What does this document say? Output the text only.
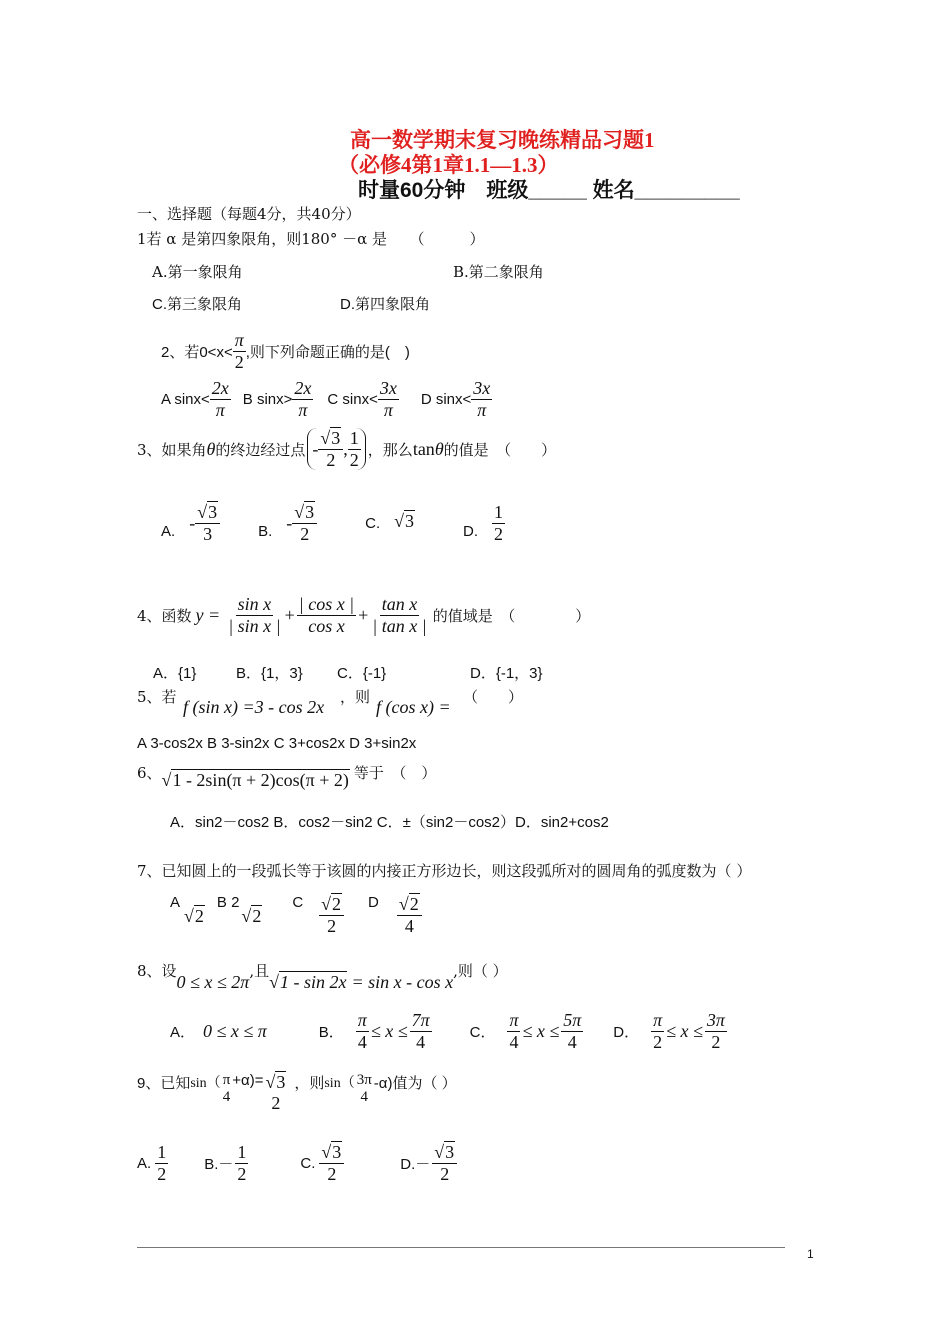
高一数学期末复习晚练精品习题1
（必修4第1章1.1—1.3）
时量60分钟　班级_____ 姓名_________
一、选择题（每题4分，共40分）
1若 α 是第四象限角，则180° －α 是　　（　　　）
A.第一象限角	B.第二象限角
C.第三象限角	D.第四象限角
2、若$0<x< \frac{\pi}{2}$ ,则下列命题正确的是(　)
A $\sin x< \frac{2x}{\pi}$ B $\sin x> \frac{2x}{\pi}$ C $\sin x< \frac{3x}{\pi}$ D $\sin x< \frac{3x}{\pi}$
3、如果角 θ 的终边经过点 - $\frac{√3}{2}$ , $\frac{1}{2}$ ，那么 tanθ 的值是　（　　）
A. - $\frac{√3}{3}$	B. - $\frac{√3}{2}$	C. √3
D. $\frac{1}{2}$
4、函数 $y = \frac{\text{sin x}}{\text{| sin x |}} + \frac{\text{| cos x |}}{\text{cos x}} + \frac{\text{tan x}}{\text{| tan x |}}$ 的值域是　（　　　　）
A．{1}	B．{1，3} C．{-1}	D．{-1，3}
5、若 f (sin x) =3 - cos 2x ，则 f (cos x) = （　　）
A 3-cos2x B 3-sin2x C 3+cos2x D 3+sin2x
6、 √1 - 2sin(π + 2)cos(π + 2) 等于　（　）
A．sin2－cos2 B．cos2－sin2 C．±（sin2－cos2）D．sin2+cos2
7、已知圆上的一段弧长等于该圆的内接正方形边长，则这段弧所对的圆周角的弧度数为（ ）
A
√2
B 2
√2
C $\frac{√2}{2}$ D $\frac{√2}{4}$
8、设
0 ≤ x ≤ 2π
,且
√1 - sin 2x = sin x - cos x
,则（ ）
A． 0 ≤ x ≤ π	B． $\frac{\pi}{4} \le x \le \frac{7\pi}{4}$	C． $\frac{\pi}{4} \le x \le \frac{5\pi}{4}$ D． $\frac{\pi}{2} \le x \le \frac{3\pi}{2}$
9、已知 sin（ π
4
+α)= √3
2
，则 sin（ 3π
4
-α)值为（ ）
A. $\frac{1}{2} B.- \frac{1}{2}$	C. $\frac{√3}{2}$	$D.- \frac{√3}{2}$
1
